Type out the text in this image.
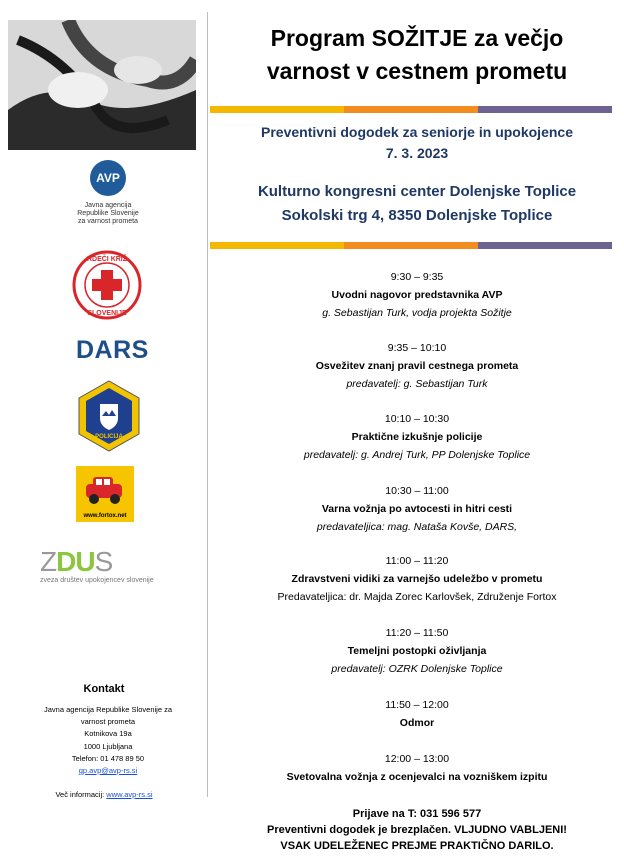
AVP
Javna agencija
Republike Slovenije
za varnost prometa
RDEČI KRIŽ
SLOVENIJE
DARS
POLICIJA
www.fortox.net
ZDUS
zveza društev upokojencev slovenije
Kontakt
Javna agencija Republike Slovenije za
varnost prometa
Kotnikova 19a
1000 Ljubljana
Telefon: 01 478 89 50
gp.avp@avp-rs.si
Več informacij: www.avp-rs.si
Program SOŽITJE za večjo
varnost v cestnem prometu
Preventivni dogodek za seniorje in upokojence
7. 3. 2023
Kulturno kongresni center Dolenjske Toplice
Sokolski trg 4, 8350 Dolenjske Toplice
9:30 – 9:35
Uvodni nagovor predstavnika AVP
g. Sebastijan Turk, vodja projekta Sožitje
9:35 – 10:10
Osvežitev znanj pravil cestnega prometa
predavatelj: g. Sebastijan Turk
10:10 – 10:30
Praktične izkušnje policije
predavatelj: g. Andrej Turk, PP Dolenjske Toplice
10:30 – 11:00
Varna vožnja po avtocesti in hitri cesti
predavateljica: mag. Nataša Kovše, DARS,
11:00 – 11:20
Zdravstveni vidiki za varnejšo udeležbo v prometu
Predavateljica: dr. Majda Zorec Karlovšek, Združenje Fortox
11:20 – 11:50
Temeljni postopki oživljanja
predavatelj: OZRK Dolenjske Toplice
11:50 – 12:00
Odmor
12:00 – 13:00
Svetovalna vožnja z ocenjevalci na vozniškem izpitu
Prijave na T: 031 596 577
Preventivni dogodek je brezplačen. VLJUDNO VABLJENI!
VSAK UDELEŽENEC PREJME PRAKTIČNO DARILO.
